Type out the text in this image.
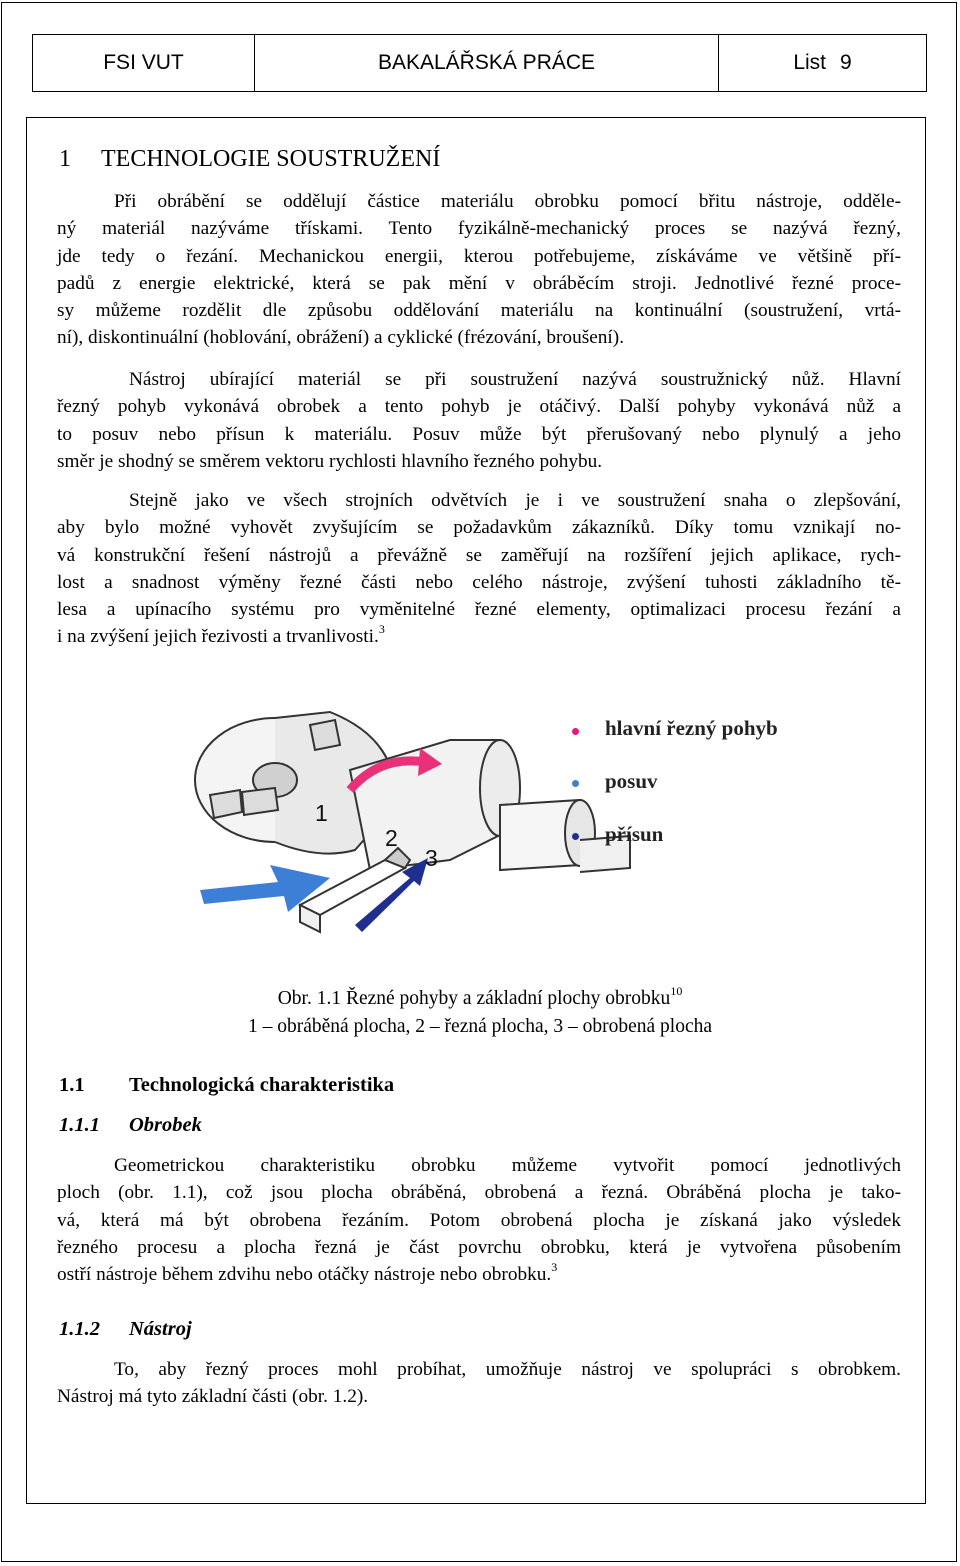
FSI VUT	BAKALÁŘSKÁ PRÁCE	List 9
1 TECHNOLOGIE SOUSTRUŽENÍ
Při obrábění se oddělují částice materiálu obrobku pomocí břitu nástroje, odděle-
ný materiál nazýváme třískami. Tento fyzikálně-mechanický proces se nazývá řezný,
jde tedy o řezání. Mechanickou energii, kterou potřebujeme, získáváme ve většině pří-
padů z energie elektrické, která se pak mění v obráběcím stroji. Jednotlivé řezné proce-
sy můžeme rozdělit dle způsobu oddělování materiálu na kontinuální (soustružení, vrtá-
ní), diskontinuální (hoblování, obrážení) a cyklické (frézování, broušení).
Nástroj ubírající materiál se při soustružení nazývá soustružnický nůž. Hlavní
řezný pohyb vykonává obrobek a tento pohyb je otáčivý. Další pohyby vykonává nůž a
to posuv nebo přísun k materiálu. Posuv může být přerušovaný nebo plynulý a jeho
směr je shodný se směrem vektoru rychlosti hlavního řezného pohybu.
Stejně jako ve všech strojních odvětvích je i ve soustružení snaha o zlepšování,
aby bylo možné vyhovět zvyšujícím se požadavkům zákazníků. Díky tomu vznikají no-
vá konstrukční řešení nástrojů a převážně se zaměřují na rozšíření jejich aplikace, rych-
lost a snadnost výměny řezné části nebo celého nástroje, zvýšení tuhosti základního tě-
lesa a upínacího systému pro vyměnitelné řezné elementy, optimalizaci procesu řezání a
i na zvýšení jejich řezivosti a trvanlivosti.$^3$
1
2
3
hlavní řezný pohyb
posuv
přísun
Obr. 1.1 Řezné pohyby a základní plochy obrobku$^{10}$
1 – obráběná plocha, 2 – řezná plocha, 3 – obrobená plocha
1.1 Technologická charakteristika
1.1.1 Obrobek
Geometrickou charakteristiku obrobku můžeme vytvořit pomocí jednotlivých
ploch (obr. 1.1), což jsou plocha obráběná, obrobená a řezná. Obráběná plocha je tako-
vá, která má být obrobena řezáním. Potom obrobená plocha je získaná jako výsledek
řezného procesu a plocha řezná je část povrchu obrobku, která je vytvořena působením
ostří nástroje během zdvihu nebo otáčky nástroje nebo obrobku.$^3$
1.1.2 Nástroj
To, aby řezný proces mohl probíhat, umožňuje nástroj ve spolupráci s obrobkem.
Nástroj má tyto základní části (obr. 1.2).
